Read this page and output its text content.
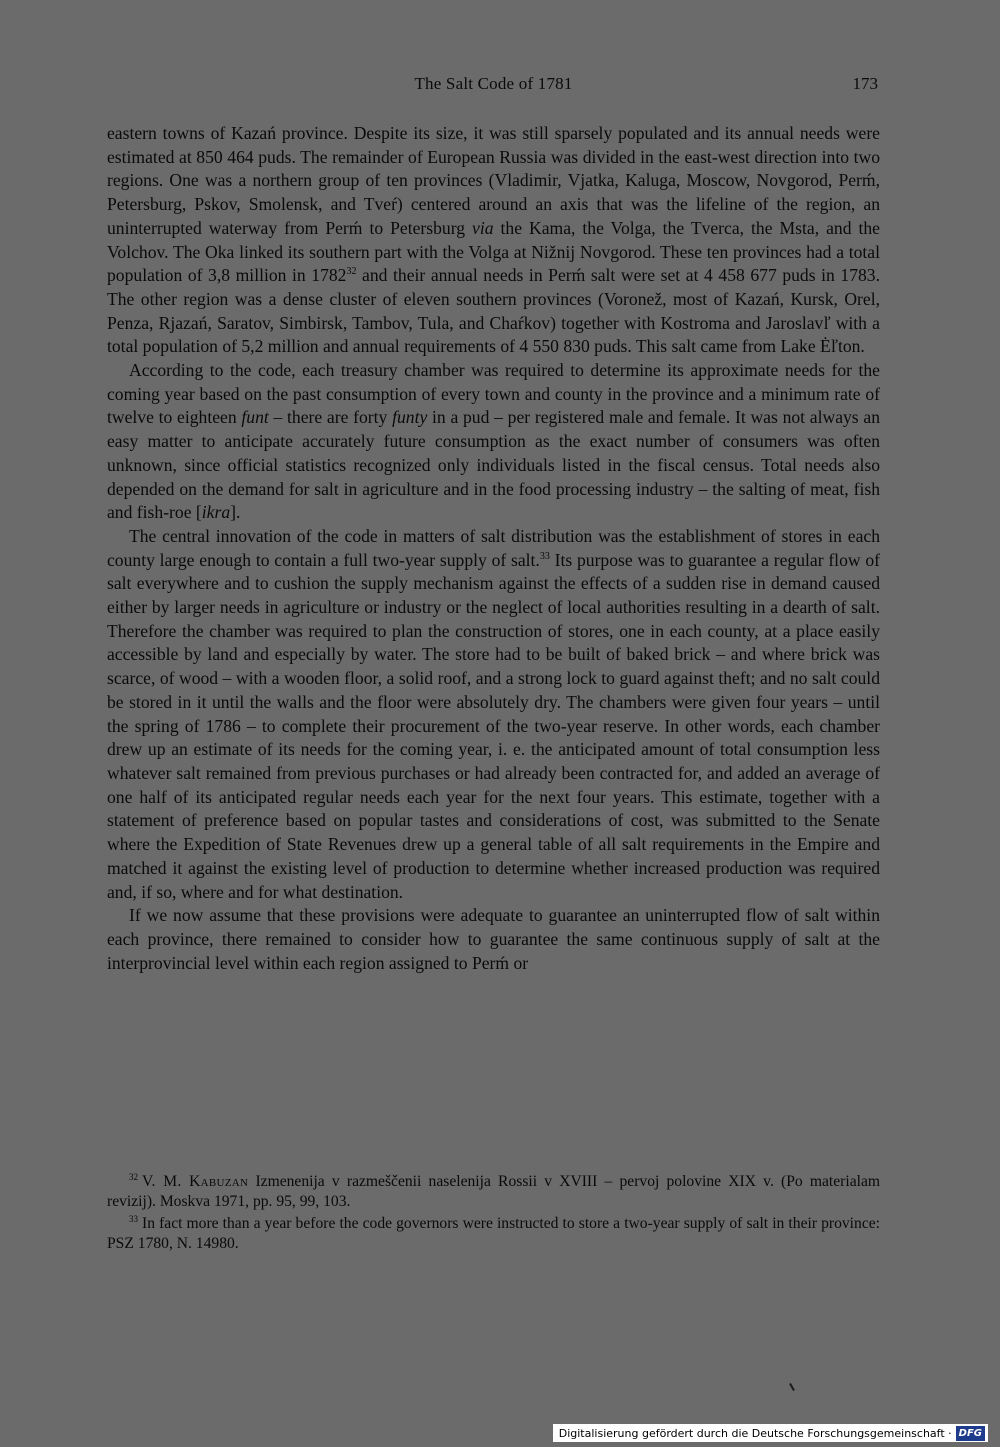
The Salt Code of 1781	173

eastern towns of Kazań province. Despite its size, it was still sparsely populated and its annual needs were estimated at 850 464 puds. The remainder of European Russia was divided in the east-west direction into two regions. One was a northern group of ten provinces (Vladimir, Vjatka, Kaluga, Moscow, Novgorod, Perḿ, Petersburg, Pskov, Smolensk, and Tveŕ) centered around an axis that was the lifeline of the region, an uninterrupted waterway from Perḿ to Petersburg via the Kama, the Volga, the Tverca, the Msta, and the Volchov. The Oka linked its southern part with the Volga at Nižnij Novgorod. These ten provinces had a total population of 3,8 million in 1782$^{32}$ and their annual needs in Perḿ salt were set at 4 458 677 puds in 1783. The other region was a dense cluster of eleven southern provinces (Voronež, most of Kazań, Kursk, Orel, Penza, Rjazań, Saratov, Simbirsk, Tambov, Tula, and Chaŕkov) together with Kostroma and Jaroslavľ with a total population of 5,2 million and annual requirements of 4 550 830 puds. This salt came from Lake Ėľton.

According to the code, each treasury chamber was required to determine its approximate needs for the coming year based on the past consumption of every town and county in the province and a minimum rate of twelve to eighteen funt – there are forty funty in a pud – per registered male and female. It was not always an easy matter to anticipate accurately future consumption as the exact number of consumers was often unknown, since official statistics recognized only individuals listed in the fiscal census. Total needs also depended on the demand for salt in agriculture and in the food processing industry – the salting of meat, fish and fish-roe [ikra].

The central innovation of the code in matters of salt distribution was the establishment of stores in each county large enough to contain a full two-year supply of salt.$^{33}$ Its purpose was to guarantee a regular flow of salt everywhere and to cushion the supply mechanism against the effects of a sudden rise in demand caused either by larger needs in agriculture or industry or the neglect of local authorities resulting in a dearth of salt. Therefore the chamber was required to plan the construction of stores, one in each county, at a place easily accessible by land and especially by water. The store had to be built of baked brick – and where brick was scarce, of wood – with a wooden floor, a solid roof, and a strong lock to guard against theft; and no salt could be stored in it until the walls and the floor were absolutely dry. The chambers were given four years – until the spring of 1786 – to complete their procurement of the two-year reserve. In other words, each chamber drew up an estimate of its needs for the coming year, i. e. the anticipated amount of total consumption less whatever salt remained from previous purchases or had already been contracted for, and added an average of one half of its anticipated regular needs each year for the next four years. This estimate, together with a statement of preference based on popular tastes and considerations of cost, was submitted to the Senate where the Expedition of State Revenues drew up a general table of all salt requirements in the Empire and matched it against the existing level of production to determine whether increased production was required and, if so, where and for what destination.

If we now assume that these provisions were adequate to guarantee an uninterrupted flow of salt within each province, there remained to consider how to guarantee the same continuous supply of salt at the interprovincial level within each region assigned to Perḿ or

$^{32}$ V. M. Kabuzan Izmenenija v razmeščenii naselenija Rossii v XVIII – pervoj polovine XIX v. (Po materialam revizij). Moskva 1971, pp. 95, 99, 103.

$^{33}$ In fact more than a year before the code governors were instructed to store a two-year supply of salt in their province: PSZ 1780, N. 14980.

Digitalisierung gefördert durch die Deutsche Forschungsgemeinschaft · DFG
